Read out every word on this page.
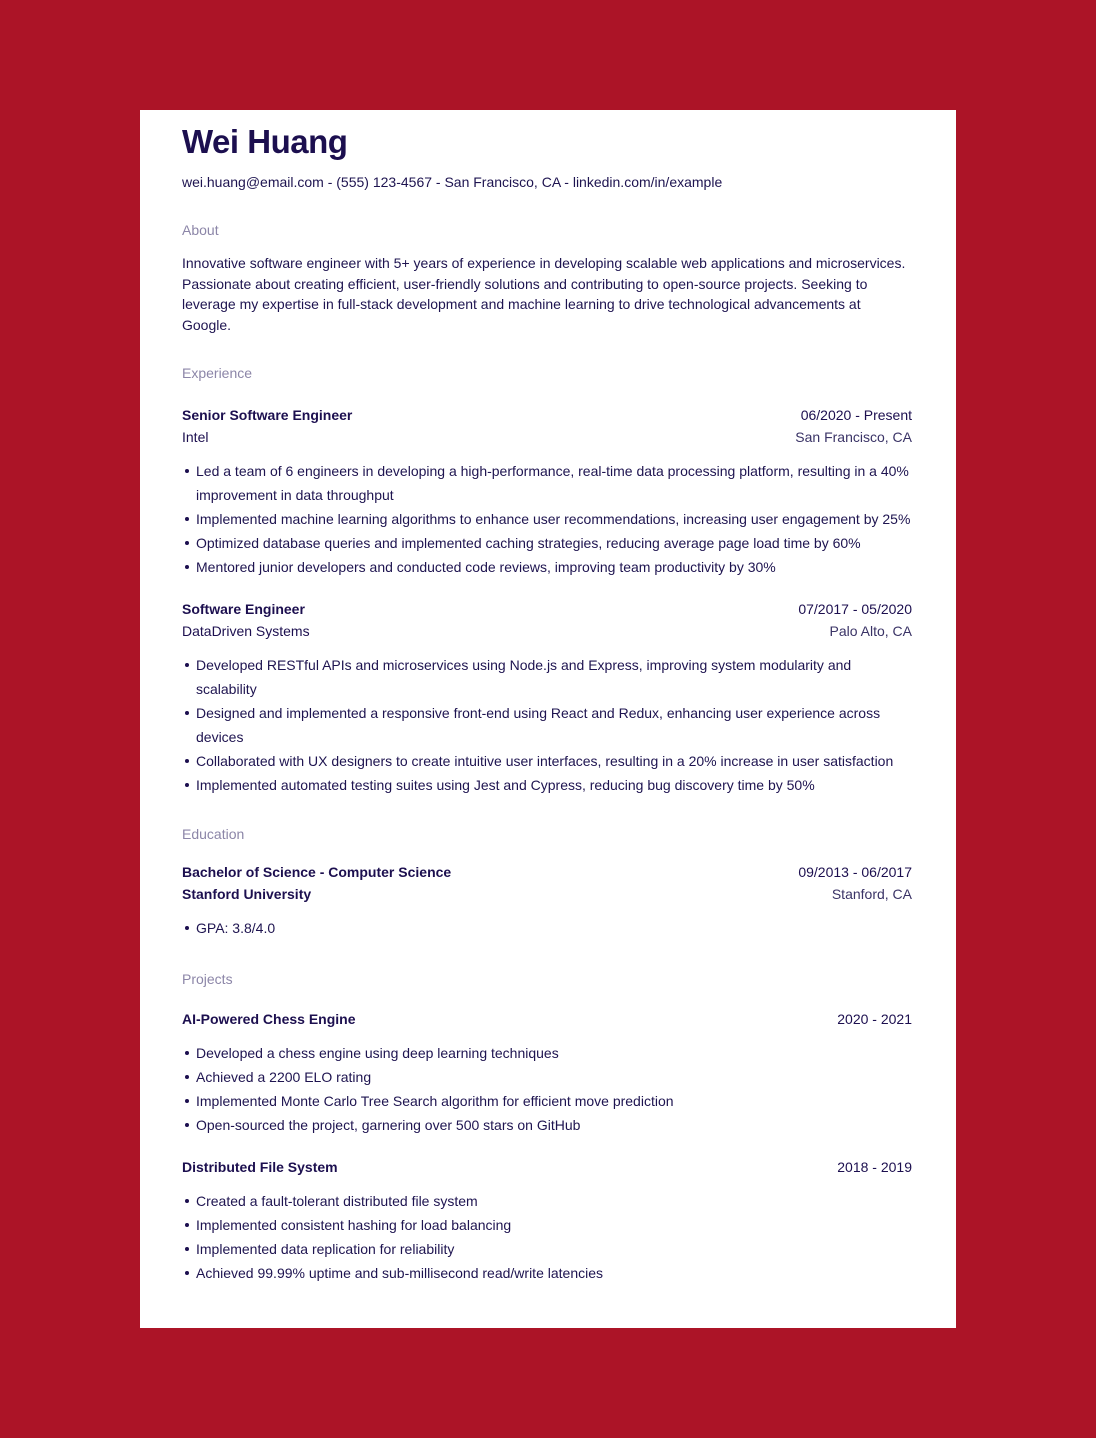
Wei Huang
wei.huang@email.com - (555) 123-4567 - San Francisco, CA - linkedin.com/in/example
About
Innovative software engineer with 5+ years of experience in developing scalable web applications and microservices. Passionate about creating efficient, user-friendly solutions and contributing to open-source projects. Seeking to leverage my expertise in full-stack development and machine learning to drive technological advancements at Google.
Experience
Senior Software Engineer	06/2020 - Present
Intel	San Francisco, CA
Led a team of 6 engineers in developing a high-performance, real-time data processing platform, resulting in a 40% improvement in data throughput
Implemented machine learning algorithms to enhance user recommendations, increasing user engagement by 25%
Optimized database queries and implemented caching strategies, reducing average page load time by 60%
Mentored junior developers and conducted code reviews, improving team productivity by 30%
Software Engineer	07/2017 - 05/2020
DataDriven Systems	Palo Alto, CA
Developed RESTful APIs and microservices using Node.js and Express, improving system modularity and scalability
Designed and implemented a responsive front-end using React and Redux, enhancing user experience across devices
Collaborated with UX designers to create intuitive user interfaces, resulting in a 20% increase in user satisfaction
Implemented automated testing suites using Jest and Cypress, reducing bug discovery time by 50%
Education
Bachelor of Science - Computer Science	09/2013 - 06/2017
Stanford University	Stanford, CA
GPA: 3.8/4.0
Projects
AI-Powered Chess Engine	2020 - 2021
Developed a chess engine using deep learning techniques
Achieved a 2200 ELO rating
Implemented Monte Carlo Tree Search algorithm for efficient move prediction
Open-sourced the project, garnering over 500 stars on GitHub
Distributed File System	2018 - 2019
Created a fault-tolerant distributed file system
Implemented consistent hashing for load balancing
Implemented data replication for reliability
Achieved 99.99% uptime and sub-millisecond read/write latencies
